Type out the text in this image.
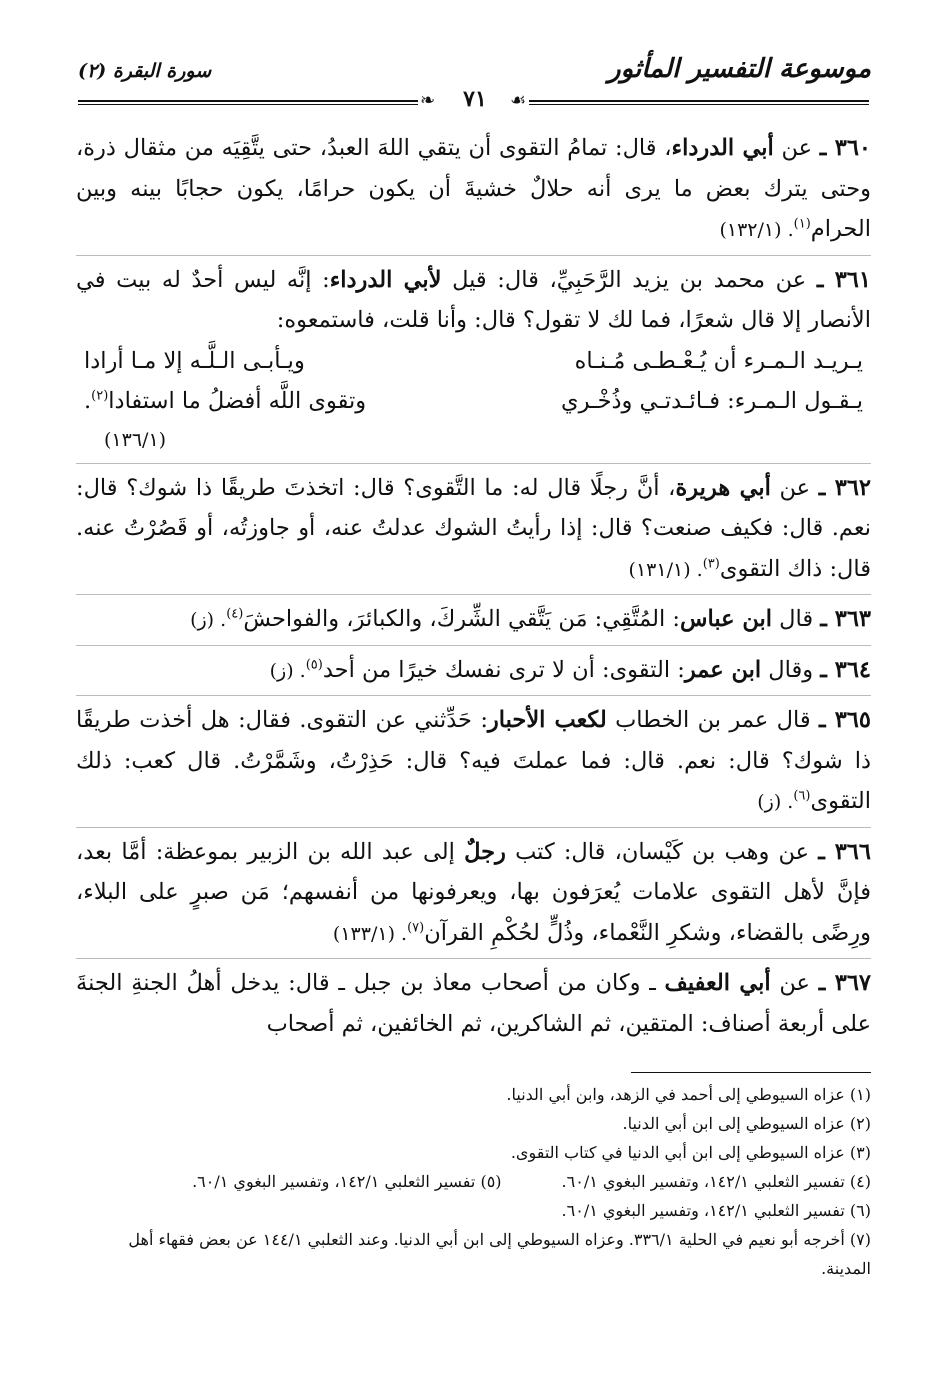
موسوعة التفسير المأثور
سورة البقرة (٢)
❧	٧١	☙

٣٦٠ ـ عن أبي الدرداء، قال: تمامُ التقوى أن يتقي اللهَ العبدُ، حتى يتَّقِيَه من مثقال ذرة، وحتى يترك بعض ما يرى أنه حلالٌ خشيةَ أن يكون حرامًا، يكون حجابًا بينه وبين الحرام$^{(١)}$. (١٣٢/١)

٣٦١ ـ عن محمد بن يزيد الرَّحَبِيِّ، قال: قيل لأبي الدرداء: إنَّه ليس أحدٌ له بيت في الأنصار إلا قال شعرًا، فما لك لا تقول؟ قال: وأنا قلت، فاستمعوه:
يـريـد الـمـرء أن يُـعْـطـى مُـنـاه
ويـأبـى الـلَّـه إلا مـا أرادا
يـقـول الـمـرء: فـائـدتـي وذُخْـري
وتقوى اللَّه أفضلُ ما استفادا$^{(٢)}$.
(١٣٦/١)

٣٦٢ ـ عن أبي هريرة، أنَّ رجلًا قال له: ما التَّقوى؟ قال: اتخذتَ طريقًا ذا شوك؟ قال: نعم. قال: فكيف صنعت؟ قال: إذا رأيتُ الشوك عدلتُ عنه، أو جاوزتُه، أو قَصُرْتُ عنه. قال: ذاك التقوى$^{(٣)}$. (١٣١/١)

٣٦٣ ـ قال ابن عباس: المُتَّقِي: مَن يَتَّقي الشِّركَ، والكبائرَ، والفواحشَ$^{(٤)}$. (ز)

٣٦٤ ـ وقال ابن عمر: التقوى: أن لا ترى نفسك خيرًا من أحد$^{(٥)}$. (ز)

٣٦٥ ـ قال عمر بن الخطاب لكعب الأحبار: حَدِّثني عن التقوى. فقال: هل أخذت طريقًا ذا شوك؟ قال: نعم. قال: فما عملتَ فيه؟ قال: حَذِرْتُ، وشَمَّرْتُ. قال كعب: ذلك التقوى$^{(٦)}$. (ز)

٣٦٦ ـ عن وهب بن كَيْسان، قال: كتب رجلٌ إلى عبد الله بن الزبير بموعظة: أمَّا بعد، فإنَّ لأهل التقوى علامات يُعرَفون بها، ويعرفونها من أنفسهم؛ مَن صبرٍ على البلاء، ورِضًى بالقضاء، وشكرِ النَّعْماء، وذُلٍّ لحُكْمِ القرآن$^{(٧)}$. (١٣٣/١)

٣٦٧ ـ عن أبي العفيف ـ وكان من أصحاب معاذ بن جبل ـ قال: يدخل أهلُ الجنةِ الجنةَ على أربعة أصناف: المتقين، ثم الشاكرين، ثم الخائفين، ثم أصحاب

(١) عزاه السيوطي إلى أحمد في الزهد، وابن أبي الدنيا.

(٢) عزاه السيوطي إلى ابن أبي الدنيا.

(٣) عزاه السيوطي إلى ابن أبي الدنيا في كتاب التقوى.

(٤) تفسير الثعلبي ١٤٢/١، وتفسير البغوي ٦٠/١.
(٥) تفسير الثعلبي ١٤٢/١، وتفسير البغوي ٦٠/١.

(٦) تفسير الثعلبي ١٤٢/١، وتفسير البغوي ٦٠/١.

(٧) أخرجه أبو نعيم في الحلية ٣٣٦/١. وعزاه السيوطي إلى ابن أبي الدنيا. وعند الثعلبي ١٤٤/١ عن بعض فقهاء أهل المدينة.
